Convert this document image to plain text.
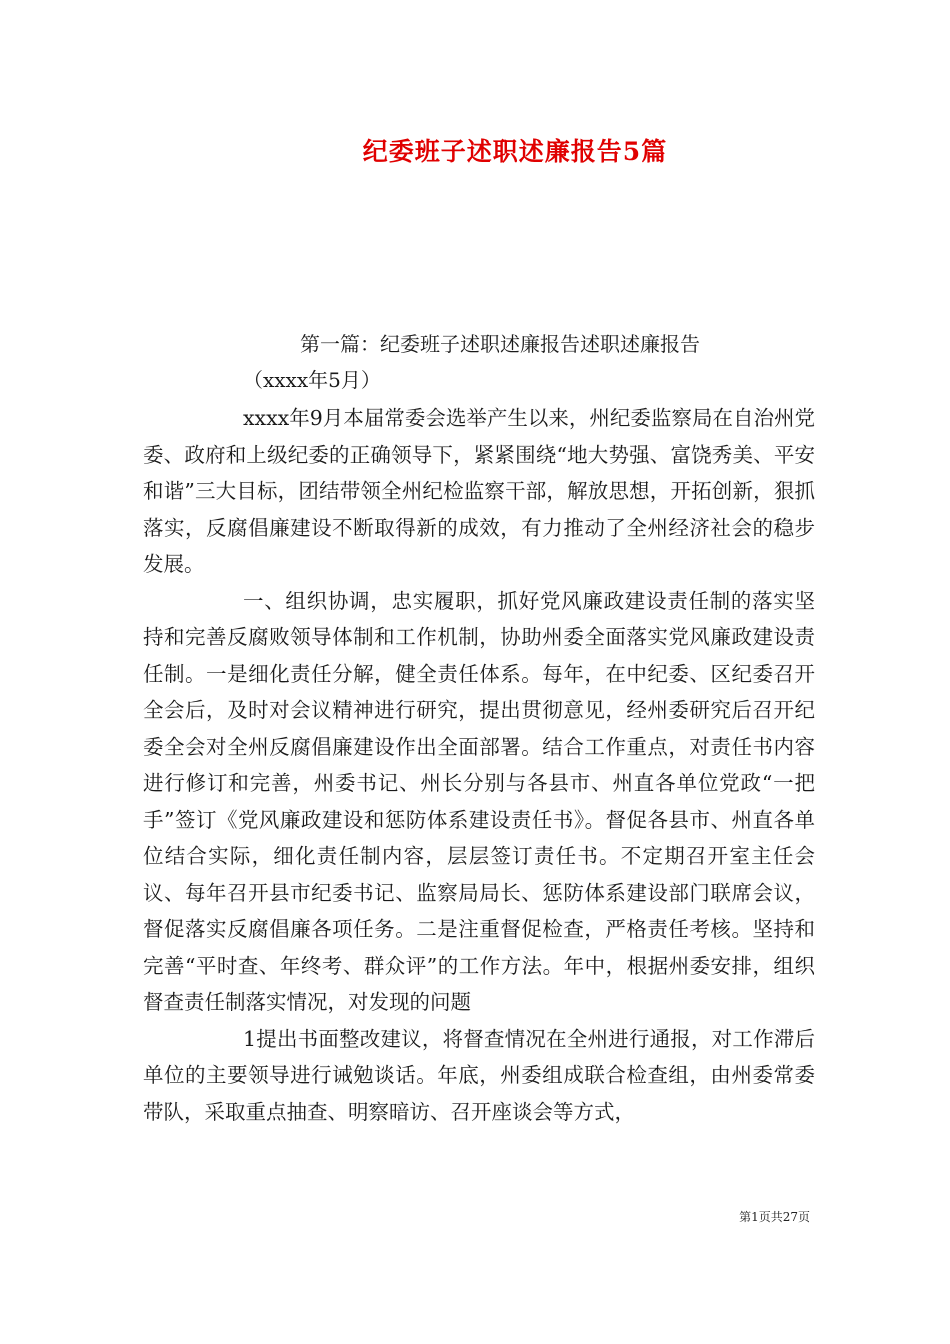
纪委班子述职述廉报告5篇
第一篇：纪委班子述职述廉报告述职述廉报告
（xxxx年5月）

xxxx年9月本届常委会选举产生以来，州纪委监察局在自治州党委、政府和上级纪委的正确领导下，紧紧围绕“地大势强、富饶秀美、平安和谐”三大目标，团结带领全州纪检监察干部，解放思想，开拓创新，狠抓落实，反腐倡廉建设不断取得新的成效，有力推动了全州经济社会的稳步发展。

一、组织协调，忠实履职，抓好党风廉政建设责任制的落实坚持和完善反腐败领导体制和工作机制，协助州委全面落实党风廉政建设责任制。一是细化责任分解，健全责任体系。每年，在中纪委、区纪委召开全会后，及时对会议精神进行研究，提出贯彻意见，经州委研究后召开纪委全会对全州反腐倡廉建设作出全面部署。结合工作重点，对责任书内容进行修订和完善，州委书记、州长分别与各县市、州直各单位党政“一把手”签订《党风廉政建设和惩防体系建设责任书》。督促各县市、州直各单位结合实际，细化责任制内容，层层签订责任书。不定期召开室主任会议、每年召开县市纪委书记、监察局局长、惩防体系建设部门联席会议，督促落实反腐倡廉各项任务。二是注重督促检查，严格责任考核。坚持和完善“平时查、年终考、群众评”的工作方法。年中，根据州委安排，组织督查责任制落实情况，对发现的问题

1提出书面整改建议，将督查情况在全州进行通报，对工作滞后单位的主要领导进行诫勉谈话。年底，州委组成联合检查组，由州委常委带队，采取重点抽查、明察暗访、召开座谈会等方式，

第1页共27页
